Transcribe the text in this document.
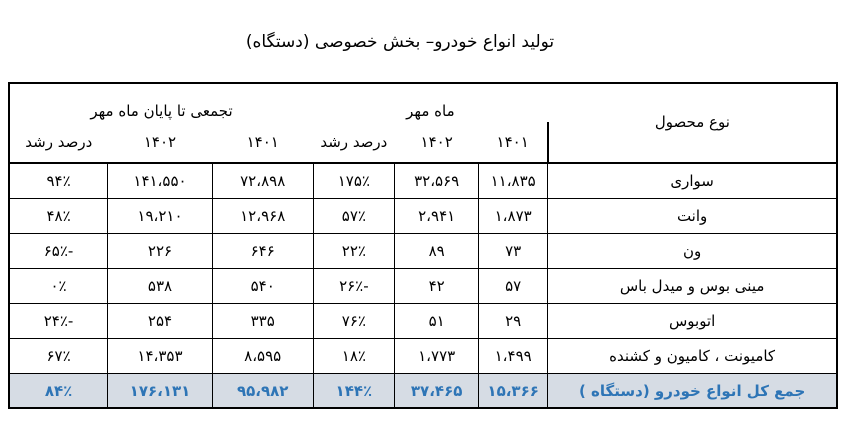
تولید انواع خودرو– بخش خصوصی (دستگاه)
نوع محصول	ماه مهر			تجمعی تا پایان ماه مهر		
	۱۴۰۱	۱۴۰۲	درصد رشد	۱۴۰۱	۱۴۰۲	درصد رشد
سواری	۱۱،۸۳۵	۳۲،۵۶۹	۱۷۵٪	۷۲،۸۹۸	۱۴۱،۵۵۰	۹۴٪
وانت	۱،۸۷۳	۲،۹۴۱	۵۷٪	۱۲،۹۶۸	۱۹،۲۱۰	۴۸٪
ون	۷۳	۸۹	۲۲٪	۶۴۶	۲۲۶	-۶۵٪
مینی بوس و میدل باس	۵۷	۴۲	-۲۶٪	۵۴۰	۵۳۸	۰٪
اتوبوس	۲۹	۵۱	۷۶٪	۳۳۵	۲۵۴	-۲۴٪
کامیونت ، کامیون و کشنده	۱،۴۹۹	۱،۷۷۳	۱۸٪	۸،۵۹۵	۱۴،۳۵۳	۶۷٪
جمع کل انواع خودرو (دستگاه )	۱۵،۳۶۶	۳۷،۴۶۵	۱۴۴٪	۹۵،۹۸۲	۱۷۶،۱۳۱	۸۴٪
